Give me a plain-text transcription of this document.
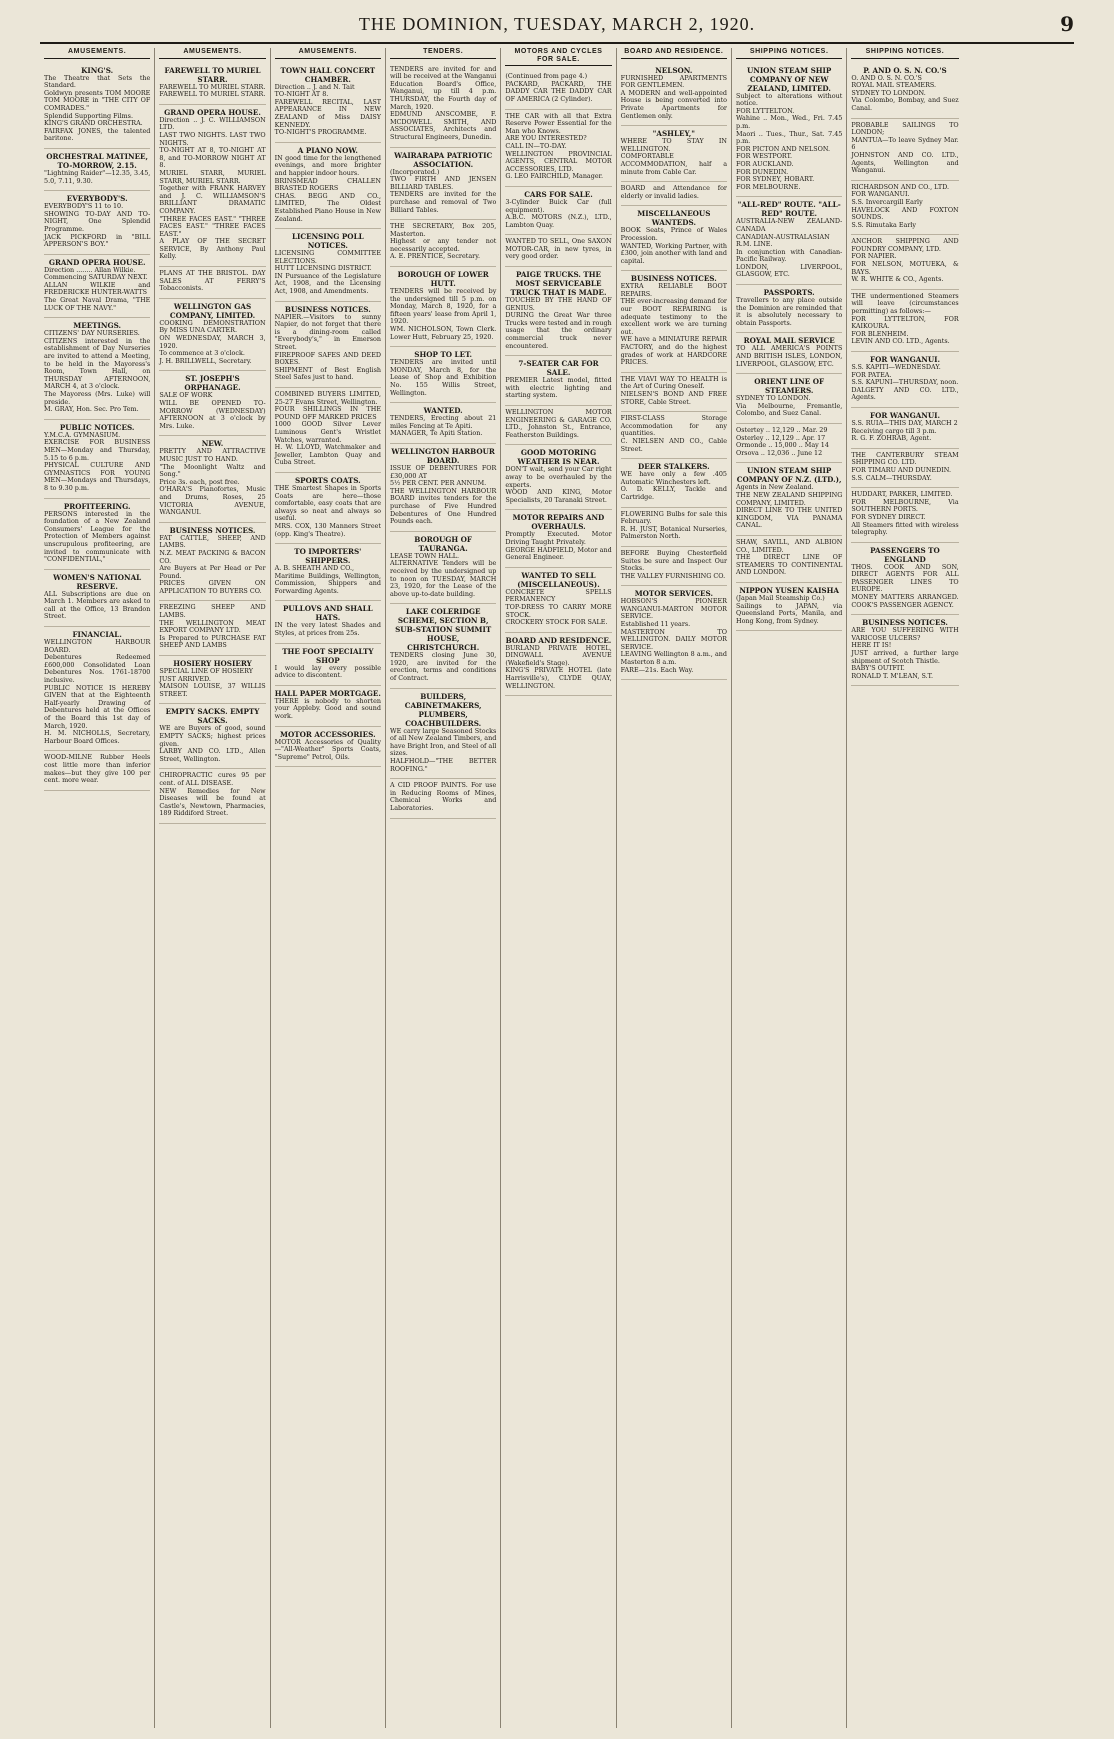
THE DOMINION, TUESDAY, MARCH 2, 1920.	9
AMUSEMENTS.
KING'S.
The Theatre that Sets the Standard.
Goldwyn presents TOM MOORE TOM MOORE in "THE CITY OF COMRADES."
Splendid Supporting Films.
KING'S GRAND ORCHESTRA.
FAIRFAX JONES, the talented baritone.
ORCHESTRAL MATINEE, TO-MORROW, 2.15.
"Lightning Raider"—12.35, 3.45, 5.0, 7.11, 9.30.
EVERYBODY'S.
EVERYBODY'S 11 to 10.
SHOWING TO-DAY AND TO-NIGHT, One Splendid Programme.
JACK PICKFORD in "BILL APPERSON'S BOY."
GRAND OPERA HOUSE.
Direction ........ Allan Wilkie.
Commencing SATURDAY NEXT.
ALLAN WILKIE and FREDERICKE HUNTER-WATTS
The Great Naval Drama, "THE LUCK OF THE NAVY."
MEETINGS.
CITIZENS' DAY NURSERIES.
CITIZENS interested in the establishment of Day Nurseries are invited to attend a Meeting, to be held in the Mayoress's Room, Town Hall, on THURSDAY AFTERNOON, MARCH 4, at 3 o'clock.
The Mayoress (Mrs. Luke) will preside.
M. GRAY, Hon. Sec. Pro Tem.
PUBLIC NOTICES.
Y.M.C.A. GYMNASIUM.
EXERCISE FOR BUSINESS MEN—Monday and Thursday, 5.15 to 6 p.m.
PHYSICAL CULTURE AND GYMNASTICS FOR YOUNG MEN—Mondays and Thursdays, 8 to 9.30 p.m.
PROFITEERING.
PERSONS interested in the foundation of a New Zealand Consumers' League for the Protection of Members against unscrupulous profiteering, are invited to communicate with "CONFIDENTIAL,"
WOMEN'S NATIONAL RESERVE.
ALL Subscriptions are due on March 1. Members are asked to call at the Office, 13 Brandon Street.
FINANCIAL.
WELLINGTON HARBOUR BOARD.
Debentures Redeemed £600,000 Consolidated Loan Debentures Nos. 1761-18700 inclusive.
PUBLIC NOTICE IS HEREBY GIVEN that at the Eighteenth Half-yearly Drawing of Debentures held at the Offices of the Board this 1st day of March, 1920.
H. M. NICHOLLS, Secretary, Harbour Board Offices.
WOOD-MILNE Rubber Heels cost little more than inferior makes—but they give 100 per cent. more wear.
AMUSEMENTS.
FAREWELL TO MURIEL STARR.
FAREWELL TO MURIEL STARR.
FAREWELL TO MURIEL STARR.
GRAND OPERA HOUSE.
Direction .. J. C. WILLIAMSON LTD.
LAST TWO NIGHTS. LAST TWO NIGHTS.
TO-NIGHT AT 8, TO-NIGHT AT 8, and TO-MORROW NIGHT AT 8.
MURIEL STARR, MURIEL STARR, MURIEL STARR.
Together with FRANK HARVEY and J. C. WILLIAMSON'S BRILLIANT DRAMATIC COMPANY.
"THREE FACES EAST." "THREE FACES EAST." "THREE FACES EAST."
A PLAY OF THE SECRET SERVICE, By Anthony Paul Kelly.
PLANS AT THE BRISTOL. DAY SALES AT FERRY'S Tobacconists.
WELLINGTON GAS COMPANY, LIMITED.
COOKING DEMONSTRATION By MISS UNA CARTER.
ON WEDNESDAY, MARCH 3, 1920.
To commence at 3 o'clock.
J. H. BRILLWELL, Secretary.
ST. JOSEPH'S ORPHANAGE.
SALE OF WORK
WILL BE OPENED TO-MORROW (WEDNESDAY) AFTERNOON at 3 o'clock by Mrs. Luke.
NEW.
PRETTY AND ATTRACTIVE MUSIC JUST TO HAND.
"The Moonlight Waltz and Song."
Price 3s. each, post free.
O'HARA'S Pianofortes, Music and Drums, Roses, 25 VICTORIA AVENUE, WANGANUI.
BUSINESS NOTICES.
FAT CATTLE, SHEEP, AND LAMBS.
N.Z. MEAT PACKING & BACON CO.
Are Buyers at Per Head or Per Pound.
PRICES GIVEN ON APPLICATION TO BUYERS CO.
FREEZING SHEEP AND LAMBS.
THE WELLINGTON MEAT EXPORT COMPANY LTD.
Is Prepared to PURCHASE FAT SHEEP AND LAMBS
HOSIERY HOSIERY
SPECIAL LINE OF HOSIERY
JUST ARRIVED.
MAISON LOUISE, 37 WILLIS STREET.
EMPTY SACKS. EMPTY SACKS.
WE are Buyers of good, sound EMPTY SACKS; highest prices given.
LARBY AND CO. LTD., Allen Street, Wellington.
CHIROPRACTIC cures 95 per cent. of ALL DISEASE.
NEW Remedies for New Diseases will be found at Castle's, Newtown, Pharmacies, 189 Riddiford Street.
AMUSEMENTS.
TOWN HALL CONCERT CHAMBER.
Direction .. J. and N. Tait
TO-NIGHT AT 8.
FAREWELL RECITAL, LAST APPEARANCE IN NEW ZEALAND of Miss DAISY KENNEDY.
TO-NIGHT'S PROGRAMME.
A PIANO NOW.
IN good time for the lengthened evenings, and more brighter and happier indoor hours.
BRINSMEAD CHALLEN BRASTED ROGERS
CHAS. BEGG AND CO., LIMITED, The Oldest Established Piano House in New Zealand.
LICENSING POLL NOTICES.
LICENSING COMMITTEE ELECTIONS.
HUTT LICENSING DISTRICT.
IN Pursuance of the Legislature Act, 1908, and the Licensing Act, 1908, and Amendments.
BUSINESS NOTICES.
NAPIER.—Visitors to sunny Napier, do not forget that there is a dining-room called "Everybody's," in Emerson Street.
FIREPROOF SAFES AND DEED BOXES.
SHIPMENT of Best English Steel Safes just to hand.
COMBINED BUYERS LIMITED, 25-27 Evans Street, Wellington.
FOUR SHILLINGS IN THE POUND OFF MARKED PRICES
1000 GOOD Silver Lever Luminous Gent's Wristlet Watches, warranted.
H. W. LLOYD, Watchmaker and Jeweller, Lambton Quay and Cuba Street.
SPORTS COATS.
THE Smartest Shapes in Sports Coats are here—those comfortable, easy coats that are always so neat and always so useful.
MRS. COX, 130 Manners Street (opp. King's Theatre).
TO IMPORTERS' SHIPPERS.
A. B. SHEATH AND CO.,
Maritime Buildings, Wellington, Commission, Shippers and Forwarding Agents.
PULLOVS AND SHALL HATS.
IN the very latest Shades and Styles, at prices from 25s.
THE FOOT SPECIALTY SHOP
I would lay every possible advice to discontent.
HALL PAPER MORTGAGE.
THERE is nobody to shorten your Appleby. Good and sound work.
MOTOR ACCESSORIES.
MOTOR Accessories of Quality—"All-Weather" Sports Coats, "Supreme" Petrol, Oils.
TENDERS.
TENDERS are invited for and will be received at the Wanganui Education Board's Office, Wanganui, up till 4 p.m. THURSDAY, the Fourth day of March, 1920.
EDMUND ANSCOMBE, F. MCDOWELL SMITH, AND ASSOCIATES, Architects and Structural Engineers, Dunedin.
WAIRARAPA PATRIOTIC ASSOCIATION.
(Incorporated.)
TWO FIRTH AND JENSEN BILLIARD TABLES.
TENDERS are invited for the purchase and removal of Two Billiard Tables.
THE SECRETARY, Box 205, Masterton.
Highest or any tender not necessarily accepted.
A. E. PRENTICE, Secretary.
BOROUGH OF LOWER HUTT.
TENDERS will be received by the undersigned till 5 p.m. on Monday, March 8, 1920, for a fifteen years' lease from April 1, 1920.
WM. NICHOLSON, Town Clerk. Lower Hutt, February 25, 1920.
SHOP TO LET.
TENDERS are invited until MONDAY, March 8, for the Lease of Shop and Exhibition No. 155 Willis Street, Wellington.
WANTED.
TENDERS, Erecting about 21 miles Fencing at Te Apiti.
MANAGER, Te Apiti Station.
WELLINGTON HARBOUR BOARD.
ISSUE OF DEBENTURES FOR £30,000 AT
5½ PER CENT. PER ANNUM.
THE WELLINGTON HARBOUR BOARD invites tenders for the purchase of Five Hundred Debentures of One Hundred Pounds each.
BOROUGH OF TAURANGA.
LEASE TOWN HALL.
ALTERNATIVE Tenders will be received by the undersigned up to noon on TUESDAY, MARCH 23, 1920, for the Lease of the above up-to-date building.
LAKE COLERIDGE SCHEME, SECTION B, SUB-STATION SUMMIT HOUSE, CHRISTCHURCH.
TENDERS closing June 30, 1920, are invited for the erection, terms and conditions of Contract.
BUILDERS, CABINETMAKERS, PLUMBERS, COACHBUILDERS.
WE carry large Seasoned Stocks of all New Zealand Timbers, and have Bright Iron, and Steel of all sizes.
HALFHOLD—"THE BETTER ROOFING."
A CID PROOF PAINTS. For use in Reducing Rooms of Mines, Chemical Works and Laboratories.
MOTORS AND CYCLES FOR SALE.
(Continued from page 4.)
PACKARD, PACKARD, THE DADDY CAR THE DADDY CAR OF AMERICA (2 Cylinder).
THE CAR with all that Extra Reserve Power Essential for the Man who Knows.
ARE YOU INTERESTED?
CALL IN—TO-DAY.
WELLINGTON PROVINCIAL AGENTS, CENTRAL MOTOR ACCESSORIES, LTD.
G. LEO FAIRCHILD, Manager.
CARS FOR SALE.
3-Cylinder Buick Car (full equipment).
A.B.C. MOTORS (N.Z.), LTD., Lambton Quay.
WANTED TO SELL, One SAXON MOTOR-CAR, in new tyres, in very good order.
PAIGE TRUCKS. THE MOST SERVICEABLE TRUCK THAT IS MADE.
TOUCHED BY THE HAND OF GENIUS.
DURING the Great War three Trucks were tested and in rough usage that the ordinary commercial truck never encountered.
7-SEATER CAR FOR SALE.
PREMIER Latest model, fitted with electric lighting and starting system.
WELLINGTON MOTOR ENGINEERING & GARAGE CO. LTD., Johnston St., Entrance, Featherston Buildings.
GOOD MOTORING WEATHER IS NEAR.
DON'T wait, send your Car right away to be overhauled by the experts.
WOOD AND KING, Motor Specialists, 20 Taranaki Street.
MOTOR REPAIRS AND OVERHAULS.
Promptly Executed. Motor Driving Taught Privately.
GEORGE HADFIELD, Motor and General Engineer.
WANTED TO SELL (MISCELLANEOUS).
CONCRETE SPELLS PERMANENCY
TOP-DRESS TO CARRY MORE STOCK.
CROCKERY STOCK FOR SALE.
BOARD AND RESIDENCE.
BURLAND PRIVATE HOTEL, DINGWALL AVENUE (Wakefield's Stage).
KING'S PRIVATE HOTEL (late Harrisville's), CLYDE QUAY, WELLINGTON.
BOARD AND RESIDENCE.
NELSON.
FURNISHED APARTMENTS FOR GENTLEMEN.
A MODERN and well-appointed House is being converted into Private Apartments for Gentlemen only.
"ASHLEY,"
WHERE TO STAY IN WELLINGTON.
COMFORTABLE ACCOMMODATION, half a minute from Cable Car.
BOARD and Attendance for elderly or invalid ladies.
MISCELLANEOUS WANTEDS.
BOOK Seats, Prince of Wales Procession.
WANTED, Working Partner, with £300, join another with land and capital.
BUSINESS NOTICES.
EXTRA RELIABLE BOOT REPAIRS.
THE ever-increasing demand for our BOOT REPAIRING is adequate testimony to the excellent work we are turning out.
WE have a MINIATURE REPAIR FACTORY, and do the highest grades of work at HARDCORE PRICES.
THE VIAVI WAY TO HEALTH is the Art of Curing Oneself.
NIELSEN'S BOND AND FREE STORE, Cable Street.
FIRST-CLASS Storage Accommodation for any quantities.
C. NIELSEN AND CO., Cable Street.
DEER STALKERS.
WE have only a few .405 Automatic Winchesters left.
O. D. KELLY, Tackle and Cartridge.
FLOWERING Bulbs for sale this February.
R. H. JUST, Botanical Nurseries, Palmerston North.
BEFORE Buying Chesterfield Suites be sure and Inspect Our Stocks.
THE VALLEY FURNISHING CO.
MOTOR SERVICES.
HOBSON'S PIONEER WANGANUI-MARTON MOTOR SERVICE.
Established 11 years.
MASTERTON TO WELLINGTON. DAILY MOTOR SERVICE.
LEAVING Wellington 8 a.m., and Masterton 8 a.m.
FARE—21s. Each Way.
SHIPPING NOTICES.
UNION STEAM SHIP COMPANY OF NEW ZEALAND, LIMITED.
Subject to alterations without notice.
FOR LYTTELTON.
Wahine .. Mon., Wed., Fri. 7.45 p.m.
Maori .. Tues., Thur., Sat. 7.45 p.m.
FOR PICTON AND NELSON.
FOR WESTPORT.
FOR AUCKLAND.
FOR DUNEDIN.
FOR SYDNEY, HOBART.
FOR MELBOURNE.
"ALL-RED" ROUTE. "ALL-RED" ROUTE.
AUSTRALIA-NEW ZEALAND-CANADA
CANADIAN-AUSTRALASIAN R.M. LINE.
In conjunction with Canadian-Pacific Railway.
LONDON, LIVERPOOL, GLASGOW, ETC.
PASSPORTS.
Travellers to any place outside the Dominion are reminded that it is absolutely necessary to obtain Passports.
ROYAL MAIL SERVICE
TO ALL AMERICA'S POINTS AND BRITISH ISLES, LONDON, LIVERPOOL, GLASGOW, ETC.
ORIENT LINE OF STEAMERS.
SYDNEY TO LONDON.
Via Melbourne, Fremantle, Colombo, and Suez Canal.
Ostertey .. 12,129 .. Mar. 29
Osterley .. 12,129 .. Apr. 17
Ormonde .. 15,000 .. May 14
Orsova .. 12,036 .. June 12
UNION STEAM SHIP COMPANY OF N.Z. (LTD.),
Agents in New Zealand.
THE NEW ZEALAND SHIPPING COMPANY, LIMITED.
DIRECT LINE TO THE UNITED KINGDOM, VIA PANAMA CANAL.
SHAW, SAVILL, AND ALBION CO., LIMITED.
THE DIRECT LINE OF STEAMERS TO CONTINENTAL AND LONDON.
NIPPON YUSEN KAISHA
(Japan Mail Steamship Co.)
Sailings to JAPAN, via Queensland Ports, Manila, and Hong Kong, from Sydney.
SHIPPING NOTICES.
P. AND O. S. N. CO.'S
O. AND O. S. N. CO.'S
ROYAL MAIL STEAMERS.
SYDNEY TO LONDON.
Via Colombo, Bombay, and Suez Canal.
PROBABLE SAILINGS TO LONDON;
MANTUA—To leave Sydney Mar. 6
JOHNSTON AND CO. LTD., Agents, Wellington and Wanganui.
RICHARDSON AND CO., LTD.
FOR WANGANUI.
S.S. Invercargill Early
HAVELOCK AND FOXTON SOUNDS.
S.S. Rimutaka Early
ANCHOR SHIPPING AND FOUNDRY COMPANY, LTD.
FOR NAPIER.
FOR NELSON, MOTUEKA, & BAYS.
W. R. WHITE & CO., Agents.
THE undermentioned Steamers will leave (circumstances permitting) as follows:—
FOR LYTTELTON, FOR KAIKOURA.
FOR BLENHEIM.
LEVIN AND CO. LTD., Agents.
FOR WANGANUI.
S.S. KAPITI—WEDNESDAY.
FOR PATEA.
S.S. KAPUNI—THURSDAY, noon.
DALGETY AND CO. LTD., Agents.
FOR WANGANUI.
S.S. RUIA—THIS DAY, MARCH 2
Receiving cargo till 3 p.m.
R. G. F. ZOHRAB, Agent.
THE CANTERBURY STEAM SHIPPING CO. LTD.
FOR TIMARU AND DUNEDIN.
S.S. CALM—THURSDAY.
HUDDART, PARKER, LIMITED.
FOR MELBOURNE, Via SOUTHERN PORTS.
FOR SYDNEY DIRECT.
All Steamers fitted with wireless telegraphy.
PASSENGERS TO ENGLAND
THOS. COOK AND SON, DIRECT AGENTS FOR ALL PASSENGER LINES TO EUROPE.
MONEY MATTERS ARRANGED. COOK'S PASSENGER AGENCY.
BUSINESS NOTICES.
ARE YOU SUFFERING WITH VARICOSE ULCERS?
HERE IT IS!
JUST arrived, a further large shipment of Scotch Thistle.
BABY'S OUTFIT.
RONALD T. M'LEAN, S.T.
